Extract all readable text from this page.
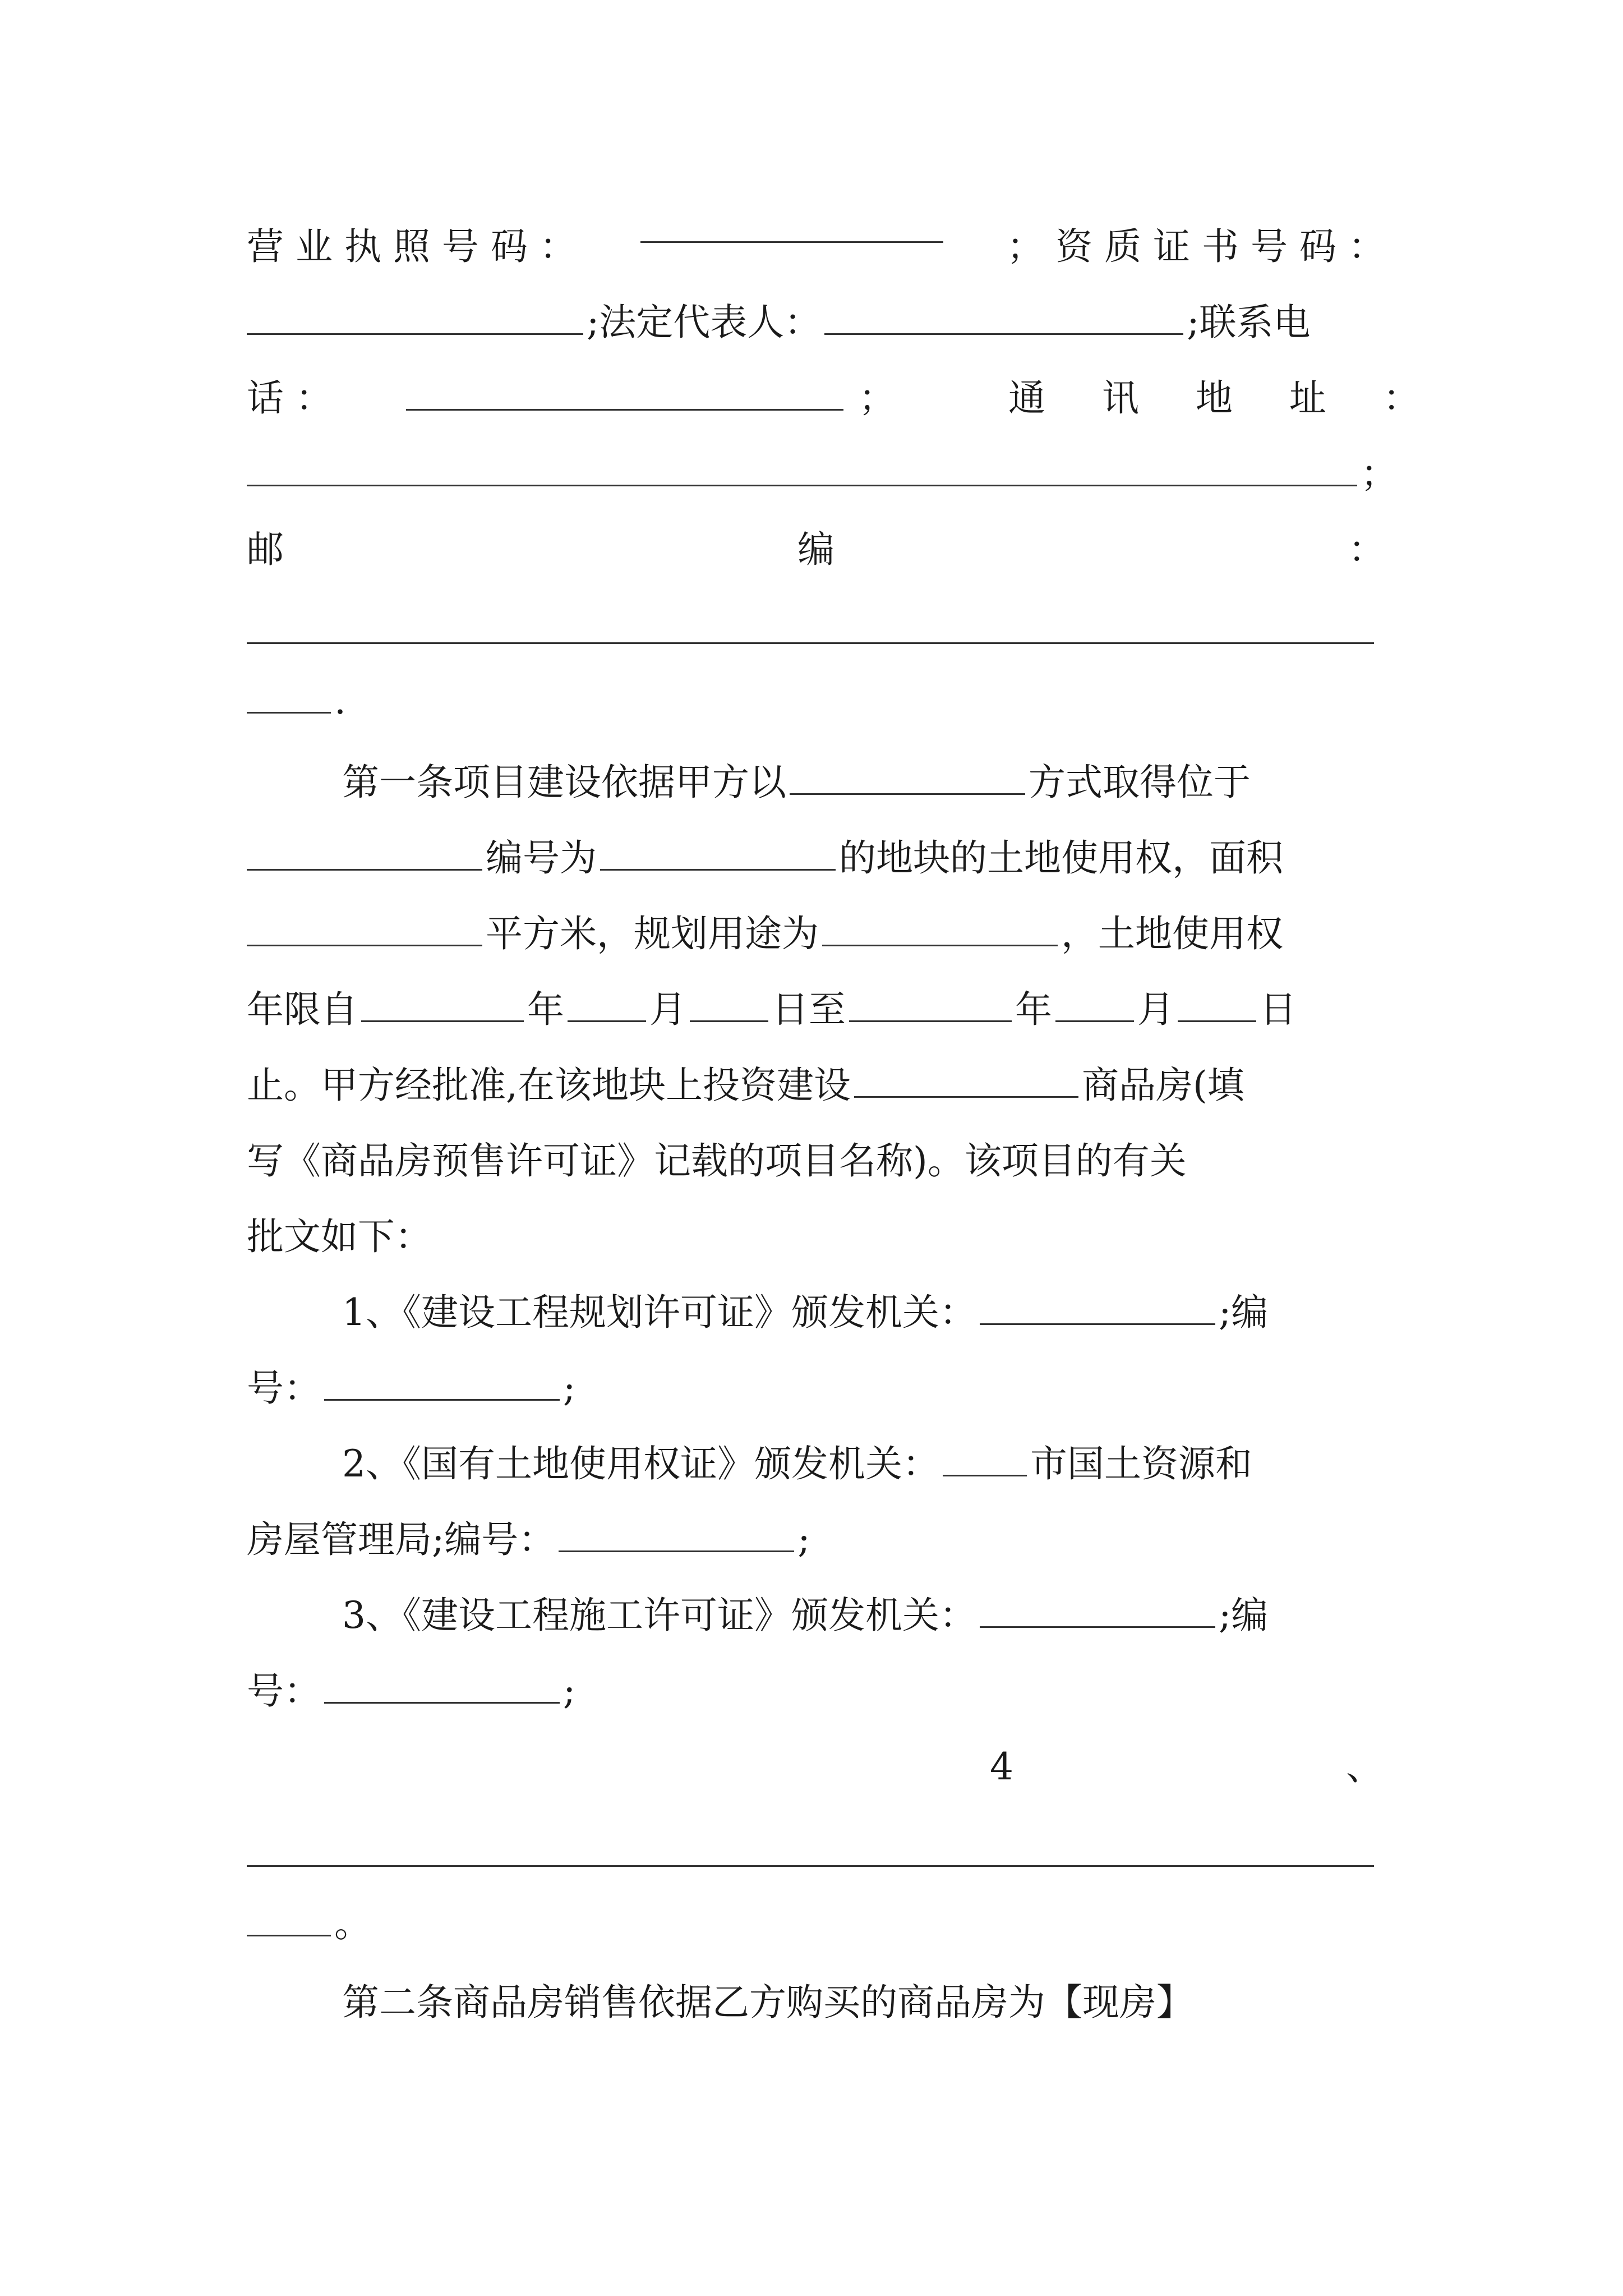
营 业 执 照 号 码 ：	； 资 质 证 书 号 码 ：
;法定代表人：	;联系电
话 ：	；	通 讯 地 址 ：
；
邮	编	：
.
第一条项目建设依据甲方以	方式取得位于
编号为	的地块的土地使用权，面积
平方米，规划用途为	，土地使用权
年限自	年 月 日至	年 月 日
止。甲方经批准,在该地块上投资建设	商品房(填
写《商品房预售许可证》记载的项目名称)。该项目的有关
批文如下：
1、《建设工程规划许可证》颁发机关：	;编
号：	;
2、《国有土地使用权证》颁发机关： 市国土资源和
房屋管理局;编号：	;
3、《建设工程施工许可证》颁发机关：	;编
号：	;
4	、
。
第二条商品房销售依据乙方购买的商品房为【现房】
